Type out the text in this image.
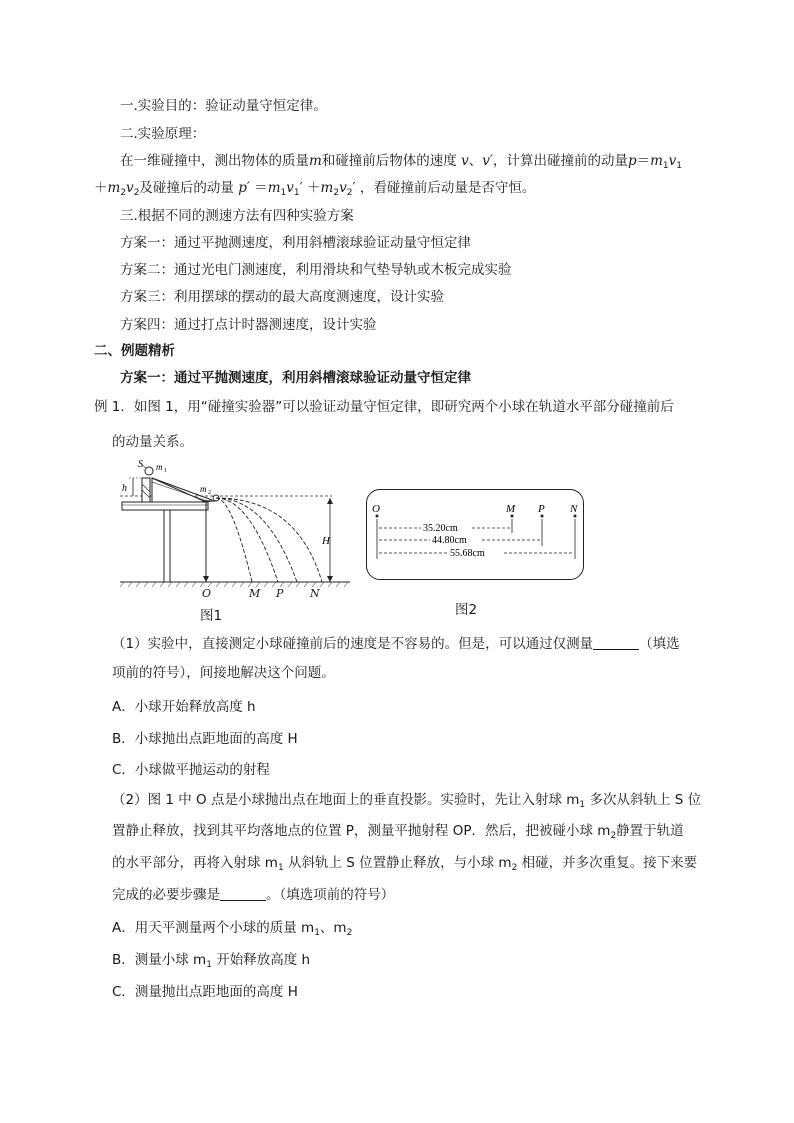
一.实验目的：验证动量守恒定律。
二.实验原理：
在一维碰撞中，测出物体的质量m和碰撞前后物体的速度 v、v′，计算出碰撞前的动量$p=m_1v_1$
$+m_2v_2$及碰撞后的动量 $p' =m_1v_1' +m_2v_2'$ ，看碰撞前后动量是否守恒。
三.根据不同的测速方法有四种实验方案
方案一：通过平抛测速度，利用斜槽滚球验证动量守恒定律
方案二：通过光电门测速度，利用滑块和气垫导轨或木板完成实验
方案三：利用摆球的摆动的最大高度测速度，设计实验
方案四：通过打点计时器测速度，设计实验
二、例题精析
方案一：通过平抛测速度，利用斜槽滚球验证动量守恒定律
例 1．如图 1，用“碰撞实验器”可以验证动量守恒定律，即研究两个小球在轨道水平部分碰撞前后
的动量关系。
S m 1
h	m 2
H
O	M P N
图1
O	M P N
35.20cm
44.80cm
55.68cm
图2
（1）实验中，直接测定小球碰撞前后的速度是不容易的。但是，可以通过仅测量	（填选
项前的符号），间接地解决这个问题。
A．小球开始释放高度 h
B．小球抛出点距地面的高度 H
C．小球做平抛运动的射程
（2）图 1 中 O 点是小球抛出点在地面上的垂直投影。实验时，先让入射球 $m_1$ 多次从斜轨上 S 位
置静止释放，找到其平均落地点的位置 P，测量平抛射程 OP．然后，把被碰小球 $m_2$静置于轨道
的水平部分，再将入射球 $m_1$ 从斜轨上 S 位置静止释放，与小球 $m_2$ 相碰，并多次重复。接下来要
完成的必要步骤是	。（填选项前的符号）
A．用天平测量两个小球的质量 $m_1$、$m_2$
B．测量小球 $m_1$ 开始释放高度 h
C．测量抛出点距地面的高度 H
